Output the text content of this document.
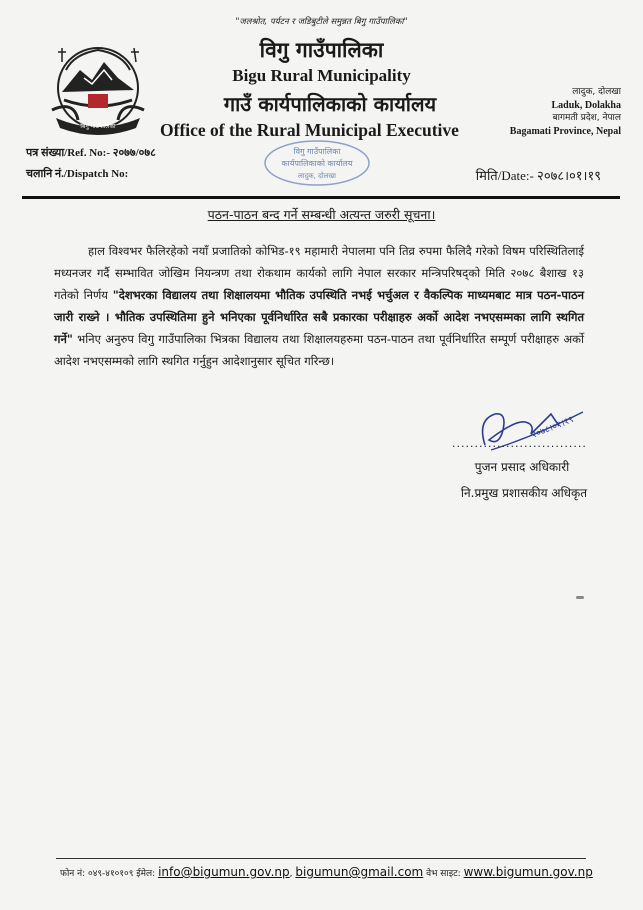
"जलश्रोत, पर्यटन र जडिबुटीले समुन्नत बिगु गाउँपालिका"
बिगु गाउँपालिका
विगु गाउँपालिका
Bigu Rural Municipality
गाउँ कार्यपालिकाको कार्यालय
Office of the Rural Municipal Executive
लादुक, दोलखा
Laduk, Dolakha
बागमती प्रदेश, नेपाल
Bagamati Province, Nepal
पत्र संख्या/Ref. No:- २०७७/०७८
चलानि नं./Dispatch No:	मिति/Date:- २०७८।०१।१९
विगु गाउँपालिका
कार्यपालिकाको कार्यालय
लादुक, दोलखा
पठन-पाठन बन्द गर्ने सम्बन्धी अत्यन्त जरुरी सूचना।
हाल विश्वभर फैलिरहेको नयाँ प्रजातिको कोभिड-१९ महामारी नेपालमा पनि तिव्र रुपमा फैलिदै गरेको विषम परिस्थितिलाई मध्यनजर गर्दै सम्भावित जोखिम नियन्त्रण तथा रोकथाम कार्यको लागि नेपाल सरकार मन्त्रिपरिषद्को मिति २०७८ बैशाख १३ गतेको निर्णय "देशभरका विद्यालय तथा शिक्षालयमा भौतिक उपस्थिति नभई भर्चुअल र वैकल्पिक माध्यमबाट मात्र पठन-पाठन जारी राख्ने । भौतिक उपस्थितिमा हुने भनिएका पूर्वनिर्धारित सबै प्रकारका परीक्षाहरु अर्को आदेश नभएसम्मका लागि स्थगित गर्ने" भनिए अनुरुप विगु गाउँपालिका भित्रका विद्यालय तथा शिक्षालयहरुमा पठन-पाठन तथा पूर्वनिर्धारित सम्पूर्ण परीक्षाहरु अर्को आदेश नभएसम्मको लागि स्थगित गर्नुहुन आदेशानुसार सूचित गरिन्छ।
२०७८।०१।१९
..............................
पुजन प्रसाद अधिकारी
नि.प्रमुख प्रशासकीय अधिकृत
फोन नं: ०४९-४१०१०९ ईमेल: info@bigumun.gov.np, bigumun@gmail.com वेभ साइट: www.bigumun.gov.np
